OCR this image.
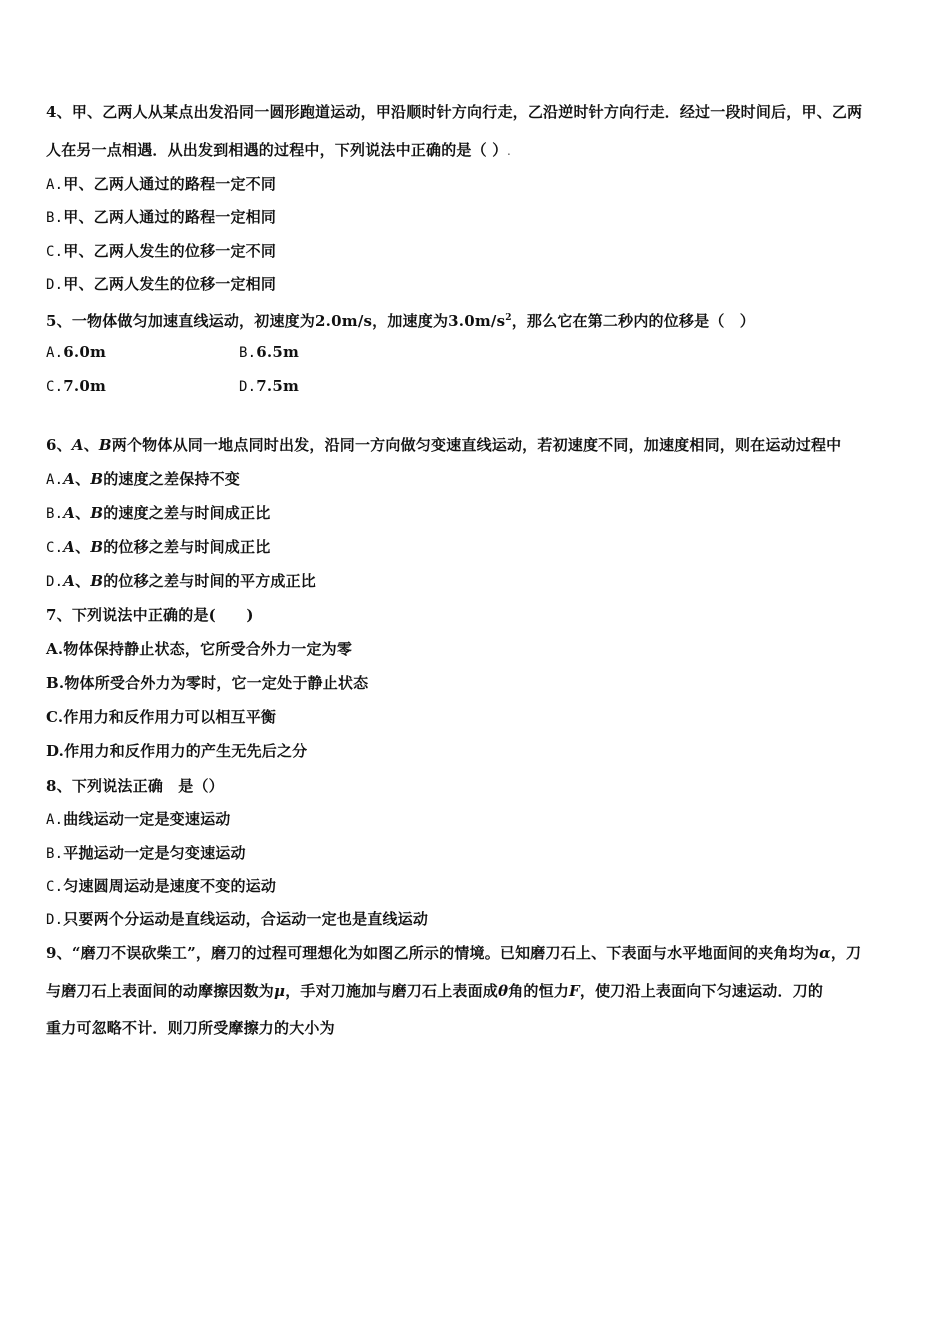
4、甲、乙两人从某点出发沿同一圆形跑道运动，甲沿顺时针方向行走，乙沿逆时针方向行走．经过一段时间后，甲、乙两
人在另一点相遇．从出发到相遇的过程中，下列说法中正确的是（ ）.
A.甲、乙两人通过的路程一定不同
B.甲、乙两人通过的路程一定相同
C.甲、乙两人发生的位移一定不同
D.甲、乙两人发生的位移一定相同
5、一物体做匀加速直线运动，初速度为2.0m/s，加速度为$3.0m/s^2$，那么它在第二秒内的位移是（　）
A.6.0m	B.6.5m
C.7.0m	D.7.5m
6、A、B两个物体从同一地点同时出发，沿同一方向做匀变速直线运动，若初速度不同，加速度相同，则在运动过程中
A.A、B的速度之差保持不变
B.A、B的速度之差与时间成正比
C.A、B的位移之差与时间成正比
D.A、B的位移之差与时间的平方成正比
7、下列说法中正确的是(　　)
A.物体保持静止状态，它所受合外力一定为零
B.物体所受合外力为零时，它一定处于静止状态
C.作用力和反作用力可以相互平衡
D.作用力和反作用力的产生无先后之分
8、下列说法正确　是（）
A.曲线运动一定是变速运动
B.平抛运动一定是匀变速运动
C.匀速圆周运动是速度不变的运动
D.只要两个分运动是直线运动，合运动一定也是直线运动
9、“磨刀不误砍柴工”，磨刀的过程可理想化为如图乙所示的情境。已知磨刀石上、下表面与水平地面间的夹角均为α，刀
与磨刀石上表面间的动摩擦因数为μ，手对刀施加与磨刀石上表面成θ角的恒力F，使刀沿上表面向下匀速运动．刀的
重力可忽略不计．则刀所受摩擦力的大小为
